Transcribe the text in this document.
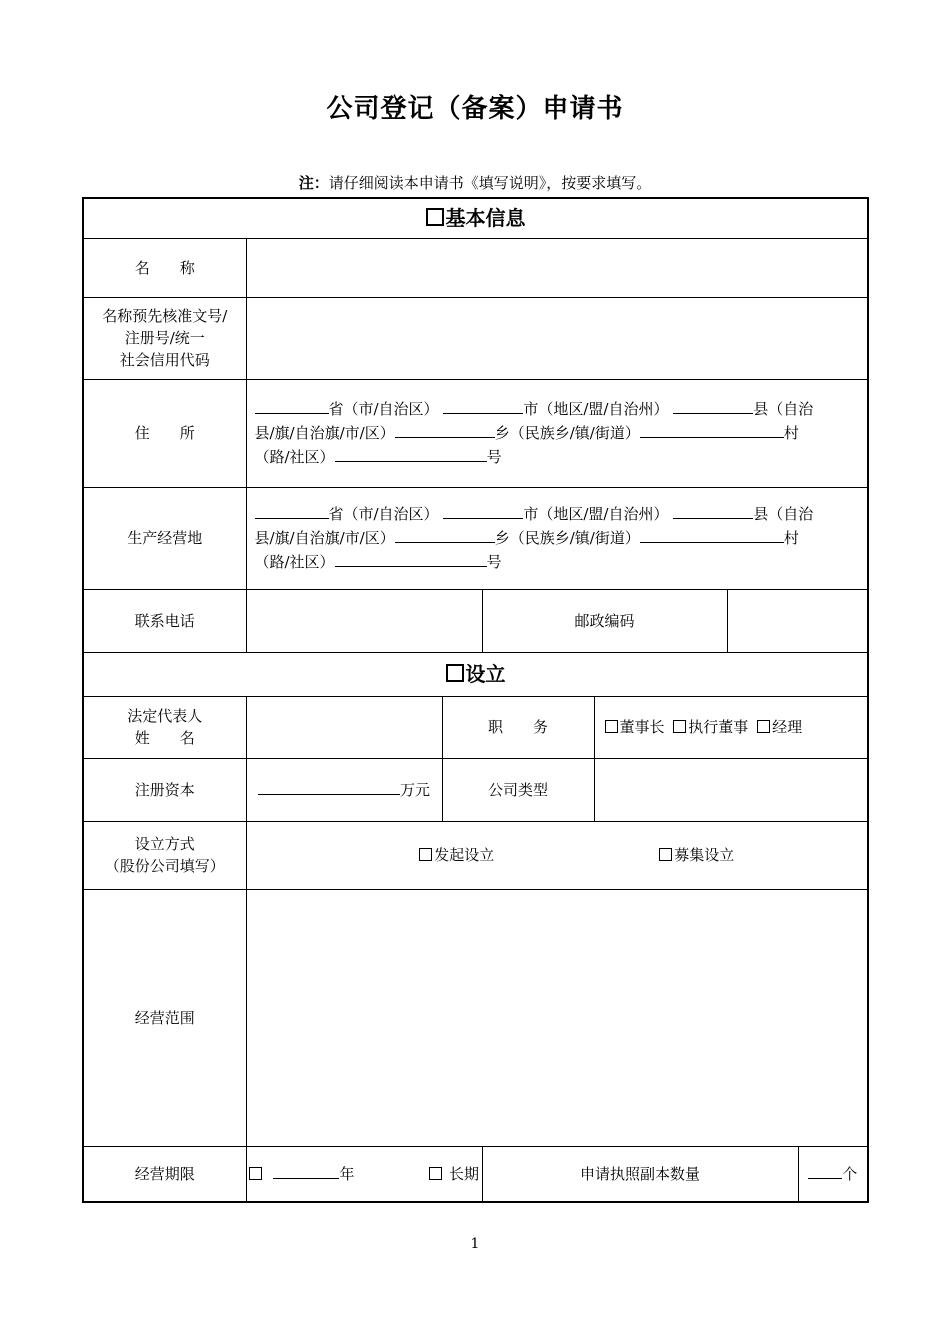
公司登记（备案）申请书
注：请仔细阅读本申请书《填写说明》，按要求填写。
基本信息						
名　　称						

名称预先核准文号/
注册号/统一
社会信用代码						

住　　所	省（市/自治区） 市（地区/盟/自治州） 县（自治
县/旗/自治旗/市/区） 乡（民族乡/镇/街道） 村
（路/社区） 号					

生产经营地	省（市/自治区） 市（地区/盟/自治州） 县（自治
县/旗/自治旗/市/区） 乡（民族乡/镇/街道） 村
（路/社区） 号					

联系电话			邮政编码			
设立						

法定代表人
姓　　名		职　　务		董事长 执行董事 经理		
注册资本	万元	公司类型				

设立方式
（股份公司填写）	发起设立 募集设立					
经营范围						
经营期限	年 长期		申请执照副本数量			个
1
